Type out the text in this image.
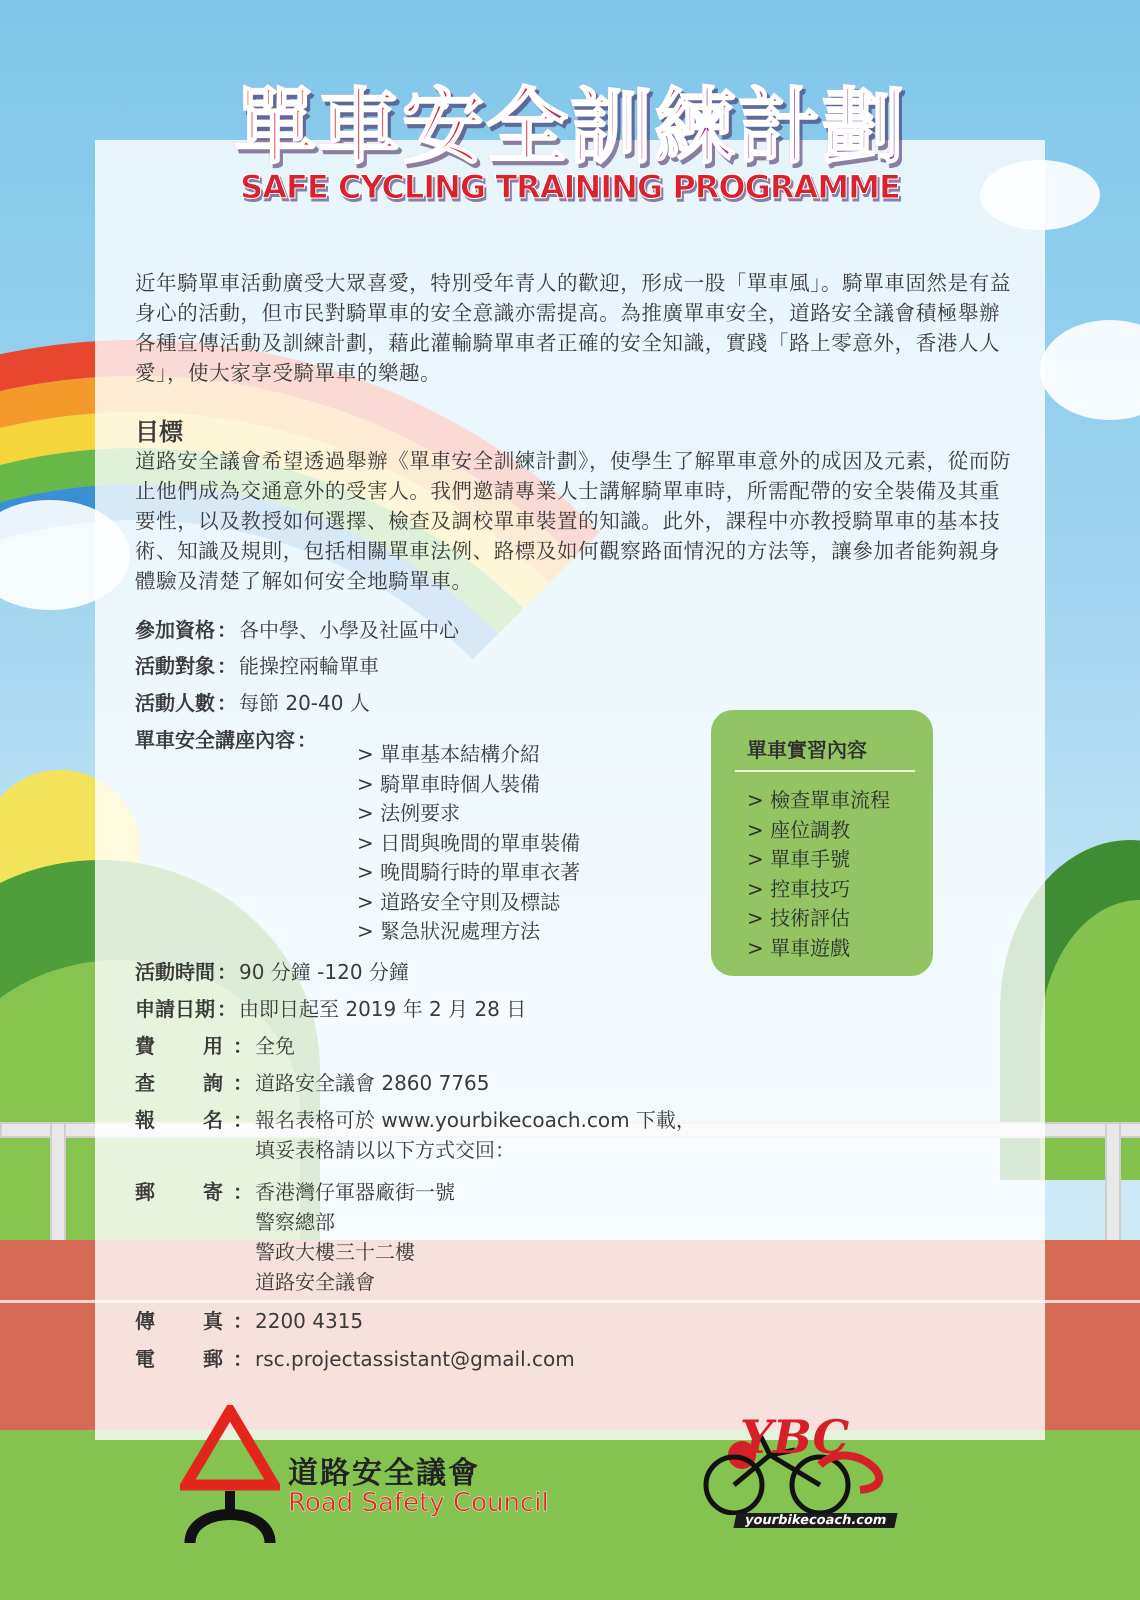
單車安全訓練計劃
SAFE CYCLING TRAINING PROGRAMME
近年騎單車活動廣受大眾喜愛，特別受年青人的歡迎，形成一股「單車風」。騎單車固然是有益身心的活動，但市民對騎單車的安全意識亦需提高。為推廣單車安全，道路安全議會積極舉辦各種宣傳活動及訓練計劃，藉此灌輸騎單車者正確的安全知識，實踐「路上零意外，香港人人愛」，使大家享受騎單車的樂趣。
目標
道路安全議會希望透過舉辦《單車安全訓練計劃》，使學生了解單車意外的成因及元素，從而防止他們成為交通意外的受害人。我們邀請專業人士講解騎單車時，所需配帶的安全裝備及其重要性，以及教授如何選擇、檢查及調校單車裝置的知識。此外，課程中亦教授騎單車的基本技術、知識及規則，包括相關單車法例、路標及如何觀察路面情況的方法等，讓參加者能夠親身體驗及清楚了解如何安全地騎單車。
參加資格 ： 各中學、小學及社區中心
活動對象 ： 能操控兩輪單車
活動人數 ： 每節 20-40 人
單車安全講座內容 ：
> 單車基本結構介紹
> 騎單車時個人裝備
> 法例要求
> 日間與晚間的單車裝備
> 晚間騎行時的單車衣著
> 道路安全守則及標誌
> 緊急狀況處理方法
活動時間 ： 90 分鐘 -120 分鐘
申請日期 ： 由即日起至 2019 年 2 月 28 日
費 用 ： 全免
查 詢 ： 道路安全議會 2860 7765
報 名 ： 報名表格可於 www.yourbikecoach.com 下載，
填妥表格請以以下方式交回：
郵 寄 ： 香港灣仔軍器廠街一號
警察總部
警政大樓三十二樓
道路安全議會
傳 真 ： 2200 4315
電 郵 ： rsc.projectassistant@gmail.com
單車實習內容
> 檢查單車流程
> 座位調教
> 單車手號
> 控車技巧
> 技術評估
> 單車遊戲
道路安全議會
Road Safety Council
YBC
yourbikecoach.com
